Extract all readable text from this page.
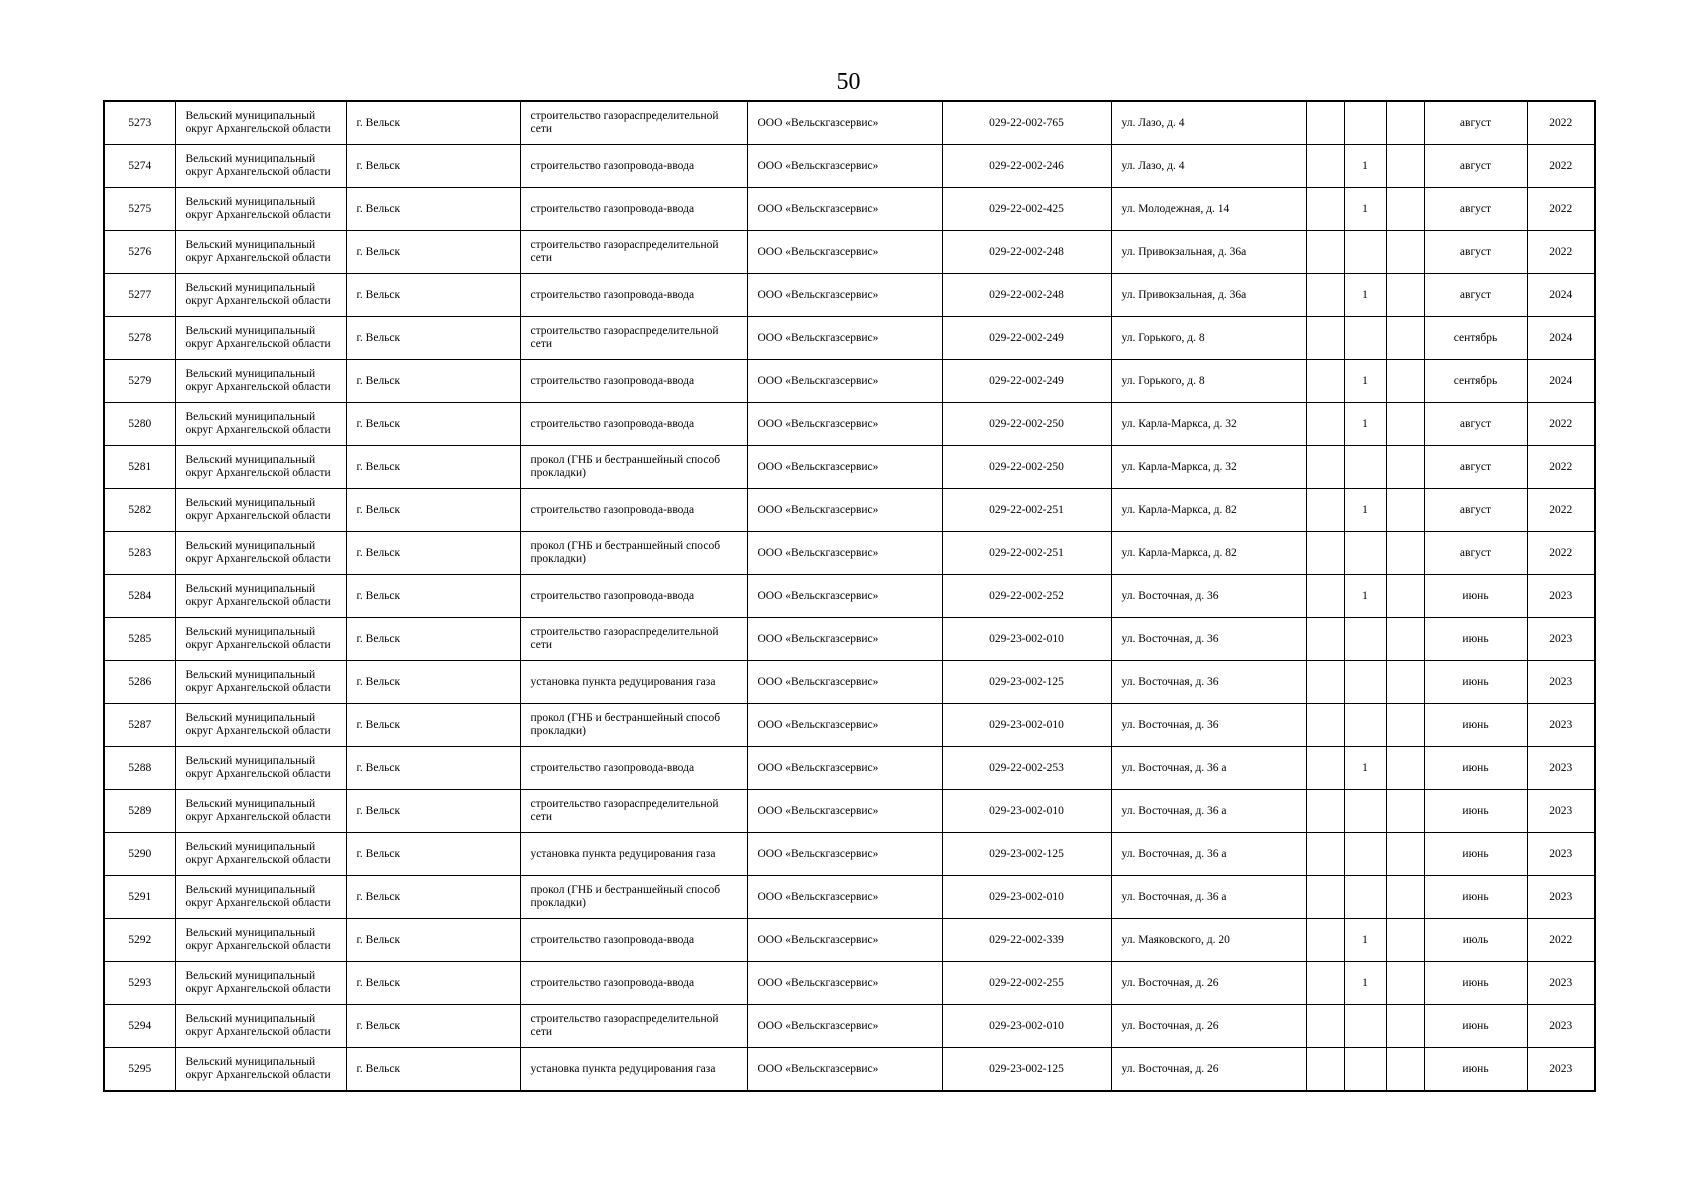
50
5273	Вельский муниципальный округ Архангельской области	г. Вельск	строительство газораспределительной сети	ООО «Вельскгазсервис»	029-22-002-765	ул. Лазо, д. 4				август	2022
5274	Вельский муниципальный округ Архангельской области	г. Вельск	строительство газопровода-ввода	ООО «Вельскгазсервис»	029-22-002-246	ул. Лазо, д. 4		1		август	2022
5275	Вельский муниципальный округ Архангельской области	г. Вельск	строительство газопровода-ввода	ООО «Вельскгазсервис»	029-22-002-425	ул. Молодежная, д. 14		1		август	2022
5276	Вельский муниципальный округ Архангельской области	г. Вельск	строительство газораспределительной сети	ООО «Вельскгазсервис»	029-22-002-248	ул. Привокзальная, д. 36а				август	2022
5277	Вельский муниципальный округ Архангельской области	г. Вельск	строительство газопровода-ввода	ООО «Вельскгазсервис»	029-22-002-248	ул. Привокзальная, д. 36а		1		август	2024
5278	Вельский муниципальный округ Архангельской области	г. Вельск	строительство газораспределительной сети	ООО «Вельскгазсервис»	029-22-002-249	ул. Горького, д. 8				сентябрь	2024
5279	Вельский муниципальный округ Архангельской области	г. Вельск	строительство газопровода-ввода	ООО «Вельскгазсервис»	029-22-002-249	ул. Горького, д. 8		1		сентябрь	2024
5280	Вельский муниципальный округ Архангельской области	г. Вельск	строительство газопровода-ввода	ООО «Вельскгазсервис»	029-22-002-250	ул. Карла-Маркса, д. 32		1		август	2022
5281	Вельский муниципальный округ Архангельской области	г. Вельск	прокол (ГНБ и бестраншейный способ прокладки)	ООО «Вельскгазсервис»	029-22-002-250	ул. Карла-Маркса, д. 32				август	2022
5282	Вельский муниципальный округ Архангельской области	г. Вельск	строительство газопровода-ввода	ООО «Вельскгазсервис»	029-22-002-251	ул. Карла-Маркса, д. 82		1		август	2022
5283	Вельский муниципальный округ Архангельской области	г. Вельск	прокол (ГНБ и бестраншейный способ прокладки)	ООО «Вельскгазсервис»	029-22-002-251	ул. Карла-Маркса, д. 82				август	2022
5284	Вельский муниципальный округ Архангельской области	г. Вельск	строительство газопровода-ввода	ООО «Вельскгазсервис»	029-22-002-252	ул. Восточная, д. 36		1		июнь	2023
5285	Вельский муниципальный округ Архангельской области	г. Вельск	строительство газораспределительной сети	ООО «Вельскгазсервис»	029-23-002-010	ул. Восточная, д. 36				июнь	2023
5286	Вельский муниципальный округ Архангельской области	г. Вельск	установка пункта редуцирования газа	ООО «Вельскгазсервис»	029-23-002-125	ул. Восточная, д. 36				июнь	2023
5287	Вельский муниципальный округ Архангельской области	г. Вельск	прокол (ГНБ и бестраншейный способ прокладки)	ООО «Вельскгазсервис»	029-23-002-010	ул. Восточная, д. 36				июнь	2023
5288	Вельский муниципальный округ Архангельской области	г. Вельск	строительство газопровода-ввода	ООО «Вельскгазсервис»	029-22-002-253	ул. Восточная, д. 36 а		1		июнь	2023
5289	Вельский муниципальный округ Архангельской области	г. Вельск	строительство газораспределительной сети	ООО «Вельскгазсервис»	029-23-002-010	ул. Восточная, д. 36 а				июнь	2023
5290	Вельский муниципальный округ Архангельской области	г. Вельск	установка пункта редуцирования газа	ООО «Вельскгазсервис»	029-23-002-125	ул. Восточная, д. 36 а				июнь	2023
5291	Вельский муниципальный округ Архангельской области	г. Вельск	прокол (ГНБ и бестраншейный способ прокладки)	ООО «Вельскгазсервис»	029-23-002-010	ул. Восточная, д. 36 а				июнь	2023
5292	Вельский муниципальный округ Архангельской области	г. Вельск	строительство газопровода-ввода	ООО «Вельскгазсервис»	029-22-002-339	ул. Маяковского, д. 20		1		июль	2022
5293	Вельский муниципальный округ Архангельской области	г. Вельск	строительство газопровода-ввода	ООО «Вельскгазсервис»	029-22-002-255	ул. Восточная, д. 26		1		июнь	2023
5294	Вельский муниципальный округ Архангельской области	г. Вельск	строительство газораспределительной сети	ООО «Вельскгазсервис»	029-23-002-010	ул. Восточная, д. 26				июнь	2023
5295	Вельский муниципальный округ Архангельской области	г. Вельск	установка пункта редуцирования газа	ООО «Вельскгазсервис»	029-23-002-125	ул. Восточная, д. 26				июнь	2023
